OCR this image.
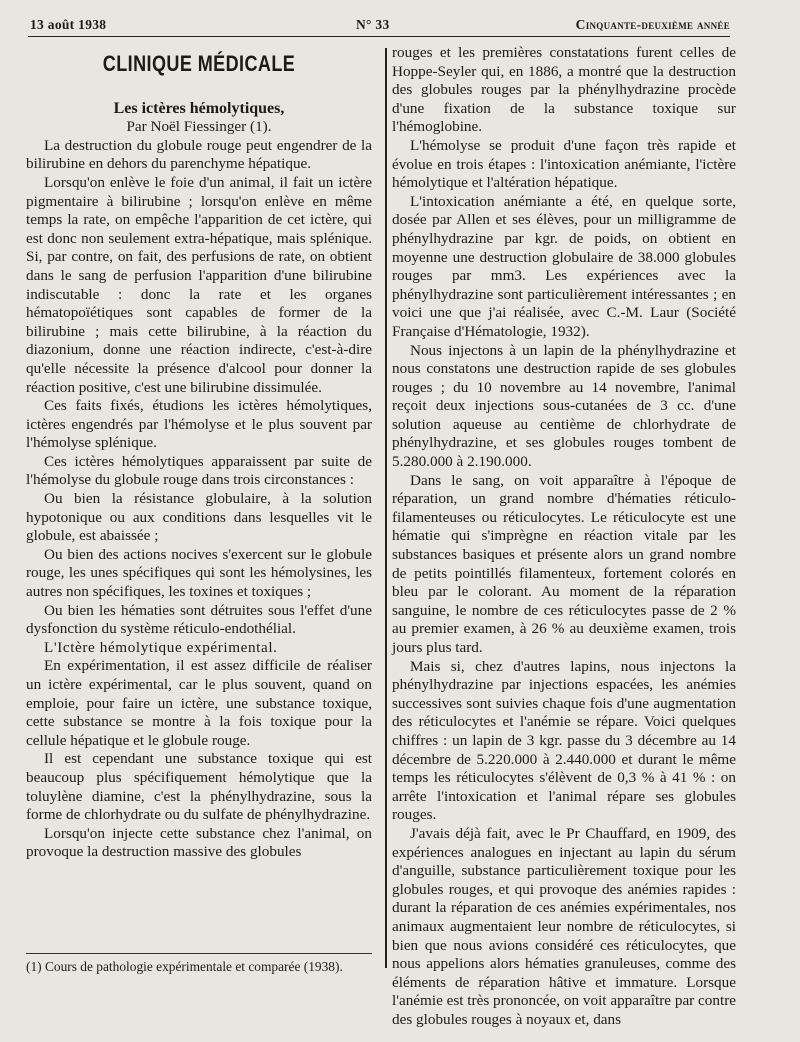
13 août 1938	N° 33	Cinquante-deuxième année
CLINIQUE MÉDICALE

Les ictères hémolytiques,

Par Noël Fiessinger (1).

La destruction du globule rouge peut engendrer de la bilirubine en dehors du parenchyme hépatique.

Lorsqu'on enlève le foie d'un animal, il fait un ictère pigmentaire à bilirubine ; lorsqu'on enlève en même temps la rate, on empêche l'apparition de cet ictère, qui est donc non seulement extra-hépatique, mais splénique. Si, par contre, on fait, des perfusions de rate, on obtient dans le sang de perfusion l'apparition d'une bilirubine indiscutable : donc la rate et les organes hématopoïétiques sont capables de former de la bilirubine ; mais cette bilirubine, à la réaction du diazonium, donne une réaction indirecte, c'est-à-dire qu'elle nécessite la présence d'alcool pour donner la réaction positive, c'est une bilirubine dissimulée.

Ces faits fixés, étudions les ictères hémolytiques, ictères engendrés par l'hémolyse et le plus souvent par l'hémolyse splénique.

Ces ictères hémolytiques apparaissent par suite de l'hémolyse du globule rouge dans trois circonstances :

Ou bien la résistance globulaire, à la solution hypotonique ou aux conditions dans lesquelles vit le globule, est abaissée ;

Ou bien des actions nocives s'exercent sur le globule rouge, les unes spécifiques qui sont les hémolysines, les autres non spécifiques, les toxines et toxiques ;

Ou bien les hématies sont détruites sous l'effet d'une dysfonction du système réticulo-endothélial.

L'Ictère hémolytique expérimental.

En expérimentation, il est assez difficile de réaliser un ictère expérimental, car le plus souvent, quand on emploie, pour faire un ictère, une substance toxique, cette substance se montre à la fois toxique pour la cellule hépatique et le globule rouge.

Il est cependant une substance toxique qui est beaucoup plus spécifiquement hémolytique que la toluylène diamine, c'est la phénylhydrazine, sous la forme de chlorhydrate ou du sulfate de phénylhydrazine.

Lorsqu'on injecte cette substance chez l'animal, on provoque la destruction massive des globules

(1) Cours de pathologie expérimentale et comparée (1938).

rouges et les premières constatations furent celles de Hoppe-Seyler qui, en 1886, a montré que la destruction des globules rouges par la phénylhydrazine procède d'une fixation de la substance toxique sur l'hémoglobine.

L'hémolyse se produit d'une façon très rapide et évolue en trois étapes : l'intoxication anémiante, l'ictère hémolytique et l'altération hépatique.

L'intoxication anémiante a été, en quelque sorte, dosée par Allen et ses élèves, pour un milligramme de phénylhydrazine par kgr. de poids, on obtient en moyenne une destruction globulaire de 38.000 globules rouges par mm3. Les expériences avec la phénylhydrazine sont particulièrement intéressantes ; en voici une que j'ai réalisée, avec C.-M. Laur (Société Française d'Hématologie, 1932).

Nous injectons à un lapin de la phénylhydrazine et nous constatons une destruction rapide de ses globules rouges ; du 10 novembre au 14 novembre, l'animal reçoit deux injections sous-cutanées de 3 cc. d'une solution aqueuse au centième de chlorhydrate de phénylhydrazine, et ses globules rouges tombent de 5.280.000 à 2.190.000.

Dans le sang, on voit apparaître à l'époque de réparation, un grand nombre d'hématies réticulo-filamenteuses ou réticulocytes. Le réticulocyte est une hématie qui s'imprègne en réaction vitale par les substances basiques et présente alors un grand nombre de petits pointillés filamenteux, fortement colorés en bleu par le colorant. Au moment de la réparation sanguine, le nombre de ces réticulocytes passe de 2 % au premier examen, à 26 % au deuxième examen, trois jours plus tard.

Mais si, chez d'autres lapins, nous injectons la phénylhydrazine par injections espacées, les anémies successives sont suivies chaque fois d'une augmentation des réticulocytes et l'anémie se répare. Voici quelques chiffres : un lapin de 3 kgr. passe du 3 décembre au 14 décembre de 5.220.000 à 2.440.000 et durant le même temps les réticulocytes s'élèvent de 0,3 % à 41 % : on arrête l'intoxication et l'animal répare ses globules rouges.

J'avais déjà fait, avec le Pr Chauffard, en 1909, des expériences analogues en injectant au lapin du sérum d'anguille, substance particulièrement toxique pour les globules rouges, et qui provoque des anémies rapides : durant la réparation de ces anémies expérimentales, nos animaux augmentaient leur nombre de réticulocytes, si bien que nous avions considéré ces réticulocytes, que nous appelions alors hématies granuleuses, comme des éléments de réparation hâtive et immature. Lorsque l'anémie est très prononcée, on voit apparaître par contre des globules rouges à noyaux et, dans
